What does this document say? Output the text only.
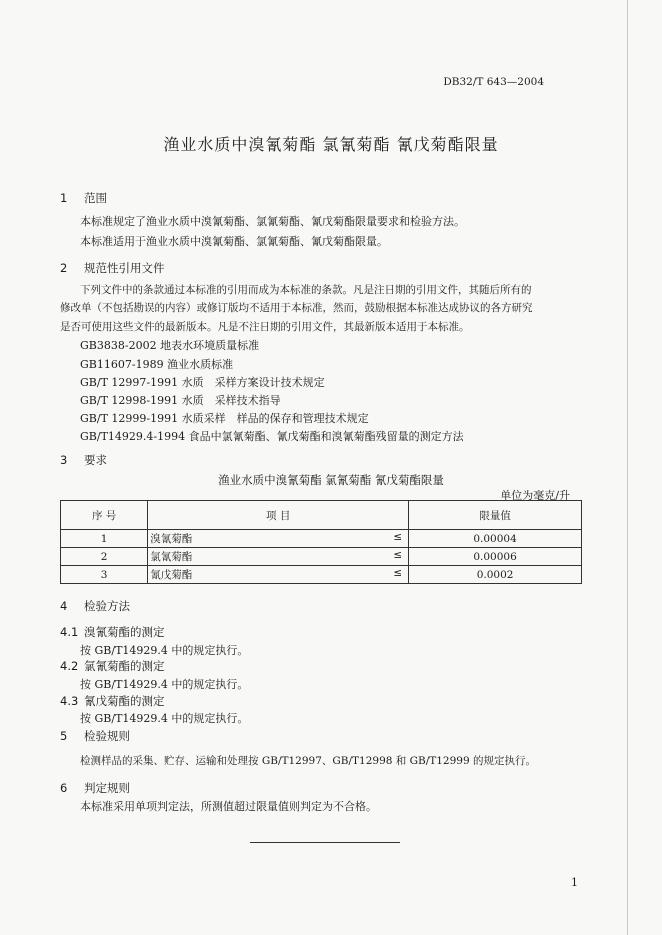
DB32/T 643—2004
渔业水质中溴氰菊酯 氯氰菊酯 氰戊菊酯限量
1 范围
本标准规定了渔业水质中溴氰菊酯、氯氰菊酯、氰戊菊酯限量要求和检验方法。
本标准适用于渔业水质中溴氰菊酯、氯氰菊酯、氰戊菊酯限量。
2 规范性引用文件
下列文件中的条款通过本标准的引用而成为本标准的条款。凡是注日期的引用文件，其随后所有的
修改单（不包括勘误的内容）或修订版均不适用于本标准，然而，鼓励根据本标准达成协议的各方研究
是否可使用这些文件的最新版本。凡是不注日期的引用文件，其最新版本适用于本标准。
GB3838-2002 地表水环境质量标准
GB11607-1989 渔业水质标准
GB/T 12997-1991 水质　采样方案设计技术规定
GB/T 12998-1991 水质　采样技术指导
GB/T 12999-1991 水质采样　样品的保存和管理技术规定
GB/T14929.4-1994 食品中氯氰菊酯、氰戊菊酯和溴氰菊酯残留量的测定方法
3 要求
渔业水质中溴氰菊酯 氯氰菊酯 氰戊菊酯限量
单位为毫克/升
序 号	项 目	限量值
1	溴氰菊酯 ≤	0.00004
2	氯氰菊酯 ≤	0.00006
3	氰戊菊酯 ≤	0.0002
4 检验方法
4.1 溴氰菊酯的测定
按 GB/T14929.4 中的规定执行。
4.2 氯氰菊酯的测定
按 GB/T14929.4 中的规定执行。
4.3 氰戊菊酯的测定
按 GB/T14929.4 中的规定执行。
5 检验规则
检测样品的采集、贮存、运输和处理按 GB/T12997、GB/T12998 和 GB/T12999 的规定执行。
6 判定规则
本标准采用单项判定法，所测值超过限量值则判定为不合格。
1
